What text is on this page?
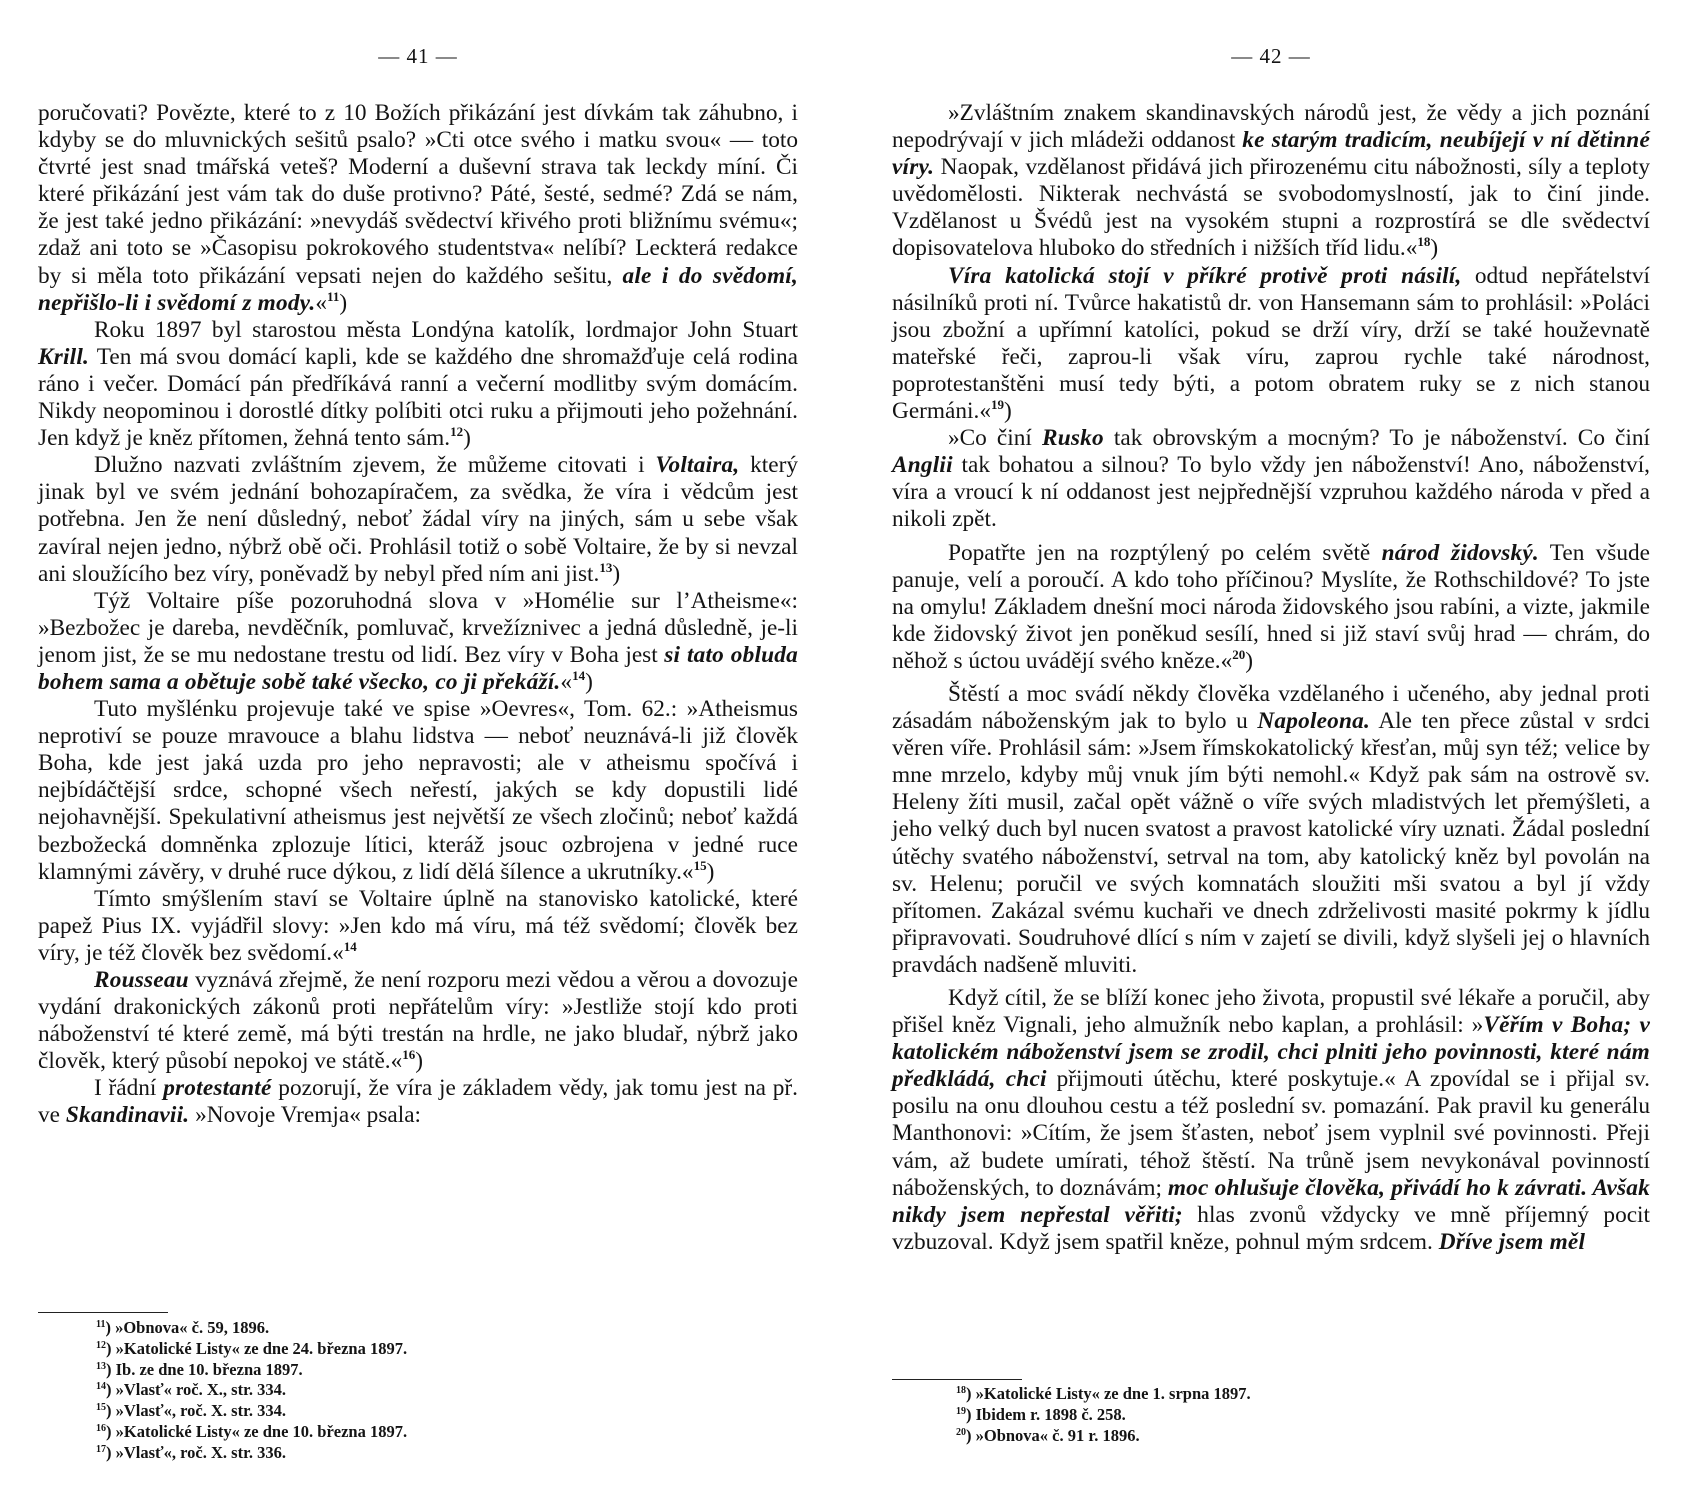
— 41 —

poručovati? Povězte, které to z 10 Božích přikázání jest dívkám tak záhubno, i kdyby se do mluvnických sešitů psalo? »Cti otce svého i matku svou« — toto čtvrté jest snad tmářská veteš? Moderní a duševní strava tak leckdy míní. Či které přikázání jest vám tak do duše protivno? Páté, šesté, sedmé? Zdá se nám, že jest také jedno přikázání: »nevydáš svědectví křivého proti bližnímu svému«; zdaž ani toto se »Časopisu pokrokového studentstva« nelíbí? Leckterá redakce by si měla toto přikázání vepsati nejen do každého sešitu, ale i do svědomí, nepřišlo-li i svědomí z mody.«$^{11}$)

Roku 1897 byl starostou města Londýna katolík, lordmajor John Stuart Krill. Ten má svou domácí kapli, kde se každého dne shromažďuje celá rodina ráno i večer. Domácí pán předříkává ranní a večerní modlitby svým domácím. Nikdy neopominou i dorostlé dítky políbiti otci ruku a přijmouti jeho požehnání. Jen když je kněz přítomen, žehná tento sám.$^{12}$)

Dlužno nazvati zvláštním zjevem, že můžeme citovati i Voltaira, který jinak byl ve svém jednání bohozapíračem, za svědka, že víra i vědcům jest potřebna. Jen že není důsledný, neboť žádal víry na jiných, sám u sebe však zavíral nejen jedno, nýbrž obě oči. Prohlásil totiž o sobě Voltaire, že by si nevzal ani sloužícího bez víry, poněvadž by nebyl před ním ani jist.$^{13}$)

Týž Voltaire píše pozoruhodná slova v »Homélie sur l’Atheisme«: »Bezbožec je dareba, nevděčník, pomluvač, krvežíznivec a jedná důsledně, je-li jenom jist, že se mu nedostane trestu od lidí. Bez víry v Boha jest si tato obluda bohem sama a obětuje sobě také všecko, co ji překáží.«$^{14}$)

Tuto myšlénku projevuje také ve spise »Oevres«, Tom. 62.: »Atheismus neprotiví se pouze mravouce a blahu lidstva — neboť neuznává-li již člověk Boha, kde jest jaká uzda pro jeho nepravosti; ale v atheismu spočívá i nejbídáčtější srdce, schopné všech neřestí, jakých se kdy dopustili lidé nejohavnější. Spekulativní atheismus jest největší ze všech zločinů; neboť každá bezbožecká domněnka zplozuje lítici, kteráž jsouc ozbrojena v jedné ruce klamnými závěry, v druhé ruce dýkou, z lidí dělá šílence a ukrutníky.«$^{15}$)

Tímto smýšlením staví se Voltaire úplně na stanovisko katolické, které papež Pius IX. vyjádřil slovy: »Jen kdo má víru, má též svědomí; člověk bez víry, je též člověk bez svědomí.«$^{14}$

Rousseau vyznává zřejmě, že není rozporu mezi vědou a věrou a dovozuje vydání drakonických zákonů proti nepřátelům víry: »Jestliže stojí kdo proti náboženství té které země, má býti trestán na hrdle, ne jako bludař, nýbrž jako člověk, který působí nepokoj ve státě.«$^{16}$)

I řádní protestanté pozorují, že víra je základem vědy, jak tomu jest na př. ve Skandinavii. »Novoje Vremja« psala:

$^{11}$) »Obnova« č. 59, 1896.
$^{12}$) »Katolické Listy« ze dne 24. března 1897.
$^{13}$) Ib. ze dne 10. března 1897.
$^{14}$) »Vlasť« roč. X., str. 334.
$^{15}$) »Vlasť«, roč. X. str. 334.
$^{16}$) »Katolické Listy« ze dne 10. března 1897.
$^{17}$) »Vlasť«, roč. X. str. 336.
— 42 —

»Zvláštním znakem skandinavských národů jest, že vědy a jich poznání nepodrývají v jich mládeži oddanost ke starým tradicím, neubíjejí v ní dětinné víry. Naopak, vzdělanost přidává jich přirozenému citu nábožnosti, síly a teploty uvědomělosti. Nikterak nechvástá se svobodomyslností, jak to činí jinde. Vzdělanost u Švédů jest na vysokém stupni a rozprostírá se dle svědectví dopisovatelova hluboko do středních i nižších tříd lidu.«$^{18}$)

Víra katolická stojí v příkré protivě proti násilí, odtud nepřátelství násilníků proti ní. Tvůrce hakatistů dr. von Hansemann sám to prohlásil: »Poláci jsou zbožní a upřímní katolíci, pokud se drží víry, drží se také houževnatě mateřské řeči, zaprou-li však víru, zaprou rychle také národnost, poprotestanštěni musí tedy býti, a potom obratem ruky se z nich stanou Germáni.«$^{19}$)

»Co činí Rusko tak obrovským a mocným? To je náboženství. Co činí Anglii tak bohatou a silnou? To bylo vždy jen náboženství! Ano, náboženství, víra a vroucí k ní oddanost jest nejpřednější vzpruhou každého národa v před a nikoli zpět.

Popatřte jen na rozptýlený po celém světě národ židovský. Ten všude panuje, velí a poroučí. A kdo toho příčinou? Myslíte, že Rothschildové? To jste na omylu! Základem dnešní moci národa židovského jsou rabíni, a vizte, jakmile kde židovský život jen poněkud sesílí, hned si již staví svůj hrad — chrám, do něhož s úctou uvádějí svého kněze.«$^{20}$)

Štěstí a moc svádí někdy člověka vzdělaného i učeného, aby jednal proti zásadám náboženským jak to bylo u Napoleona. Ale ten přece zůstal v srdci věren víře. Prohlásil sám: »Jsem římskokatolický křesťan, můj syn též; velice by mne mrzelo, kdyby můj vnuk jím býti nemohl.« Když pak sám na ostrově sv. Heleny žíti musil, začal opět vážně o víře svých mladistvých let přemýšleti, a jeho velký duch byl nucen svatost a pravost katolické víry uznati. Žádal poslední útěchy svatého náboženství, setrval na tom, aby katolický kněz byl povolán na sv. Helenu; poručil ve svých komnatách sloužiti mši svatou a byl jí vždy přítomen. Zakázal svému kuchaři ve dnech zdrželivosti masité pokrmy k jídlu připravovati. Soudruhové dlící s ním v zajetí se divili, když slyšeli jej o hlavních pravdách nadšeně mluviti.

Když cítil, že se blíží konec jeho života, propustil své lékaře a poručil, aby přišel kněz Vignali, jeho almužník nebo kaplan, a prohlásil: »Věřím v Boha; v katolickém náboženství jsem se zrodil, chci plniti jeho povinnosti, které nám předkládá, chci přijmouti útěchu, které poskytuje.« A zpovídal se i přijal sv. posilu na onu dlouhou cestu a též poslední sv. pomazání. Pak pravil ku generálu Manthonovi: »Cítím, že jsem šťasten, neboť jsem vyplnil své povinnosti. Přeji vám, až budete umírati, téhož štěstí. Na trůně jsem nevykonával povinností náboženských, to doznávám; moc ohlušuje člověka, přivádí ho k závrati. Avšak nikdy jsem nepřestal věřiti; hlas zvonů vždycky ve mně příjemný pocit vzbuzoval. Když jsem spatřil kněze, pohnul mým srdcem. Dříve jsem měl

$^{18}$) »Katolické Listy« ze dne 1. srpna 1897.
$^{19}$) Ibidem r. 1898 č. 258.
$^{20}$) »Obnova« č. 91 r. 1896.
